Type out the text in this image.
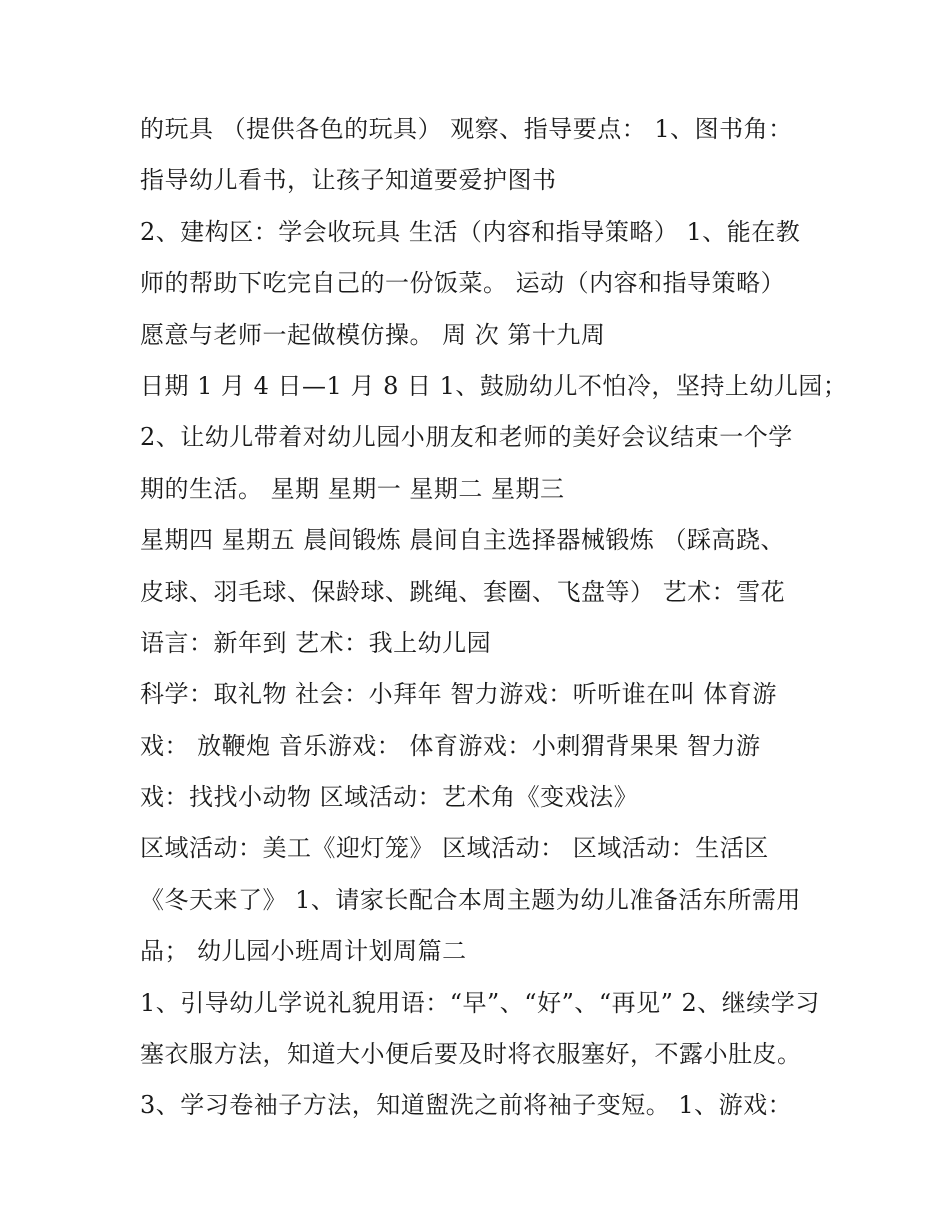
的玩具 （提供各色的玩具） 观察、指导要点： 1、图书角：
指导幼儿看书，让孩子知道要爱护图书
2、建构区：学会收玩具 生活（内容和指导策略） 1、能在教
师的帮助下吃完自己的一份饭菜。 运动（内容和指导策略）
愿意与老师一起做模仿操。 周 次 第十九周
日期 1 月 4 日—1 月 8 日 1、鼓励幼儿不怕冷，坚持上幼儿园；
2、让幼儿带着对幼儿园小朋友和老师的美好会议结束一个学
期的生活。 星期 星期一 星期二 星期三
星期四 星期五 晨间锻炼 晨间自主选择器械锻炼 （踩高跷、
皮球、羽毛球、保龄球、跳绳、套圈、飞盘等） 艺术：雪花
语言：新年到 艺术：我上幼儿园
科学：取礼物 社会：小拜年 智力游戏：听听谁在叫 体育游
戏： 放鞭炮 音乐游戏： 体育游戏：小刺猬背果果 智力游
戏：找找小动物 区域活动：艺术角《变戏法》
区域活动：美工《迎灯笼》 区域活动： 区域活动：生活区
《冬天来了》 1、请家长配合本周主题为幼儿准备活东所需用
品； 幼儿园小班周计划周篇二
1、引导幼儿学说礼貌用语：“早”、“好”、“再见” 2、继续学习
塞衣服方法，知道大小便后要及时将衣服塞好，不露小肚皮。
3、学习卷袖子方法，知道盥洗之前将袖子变短。 1、游戏：
